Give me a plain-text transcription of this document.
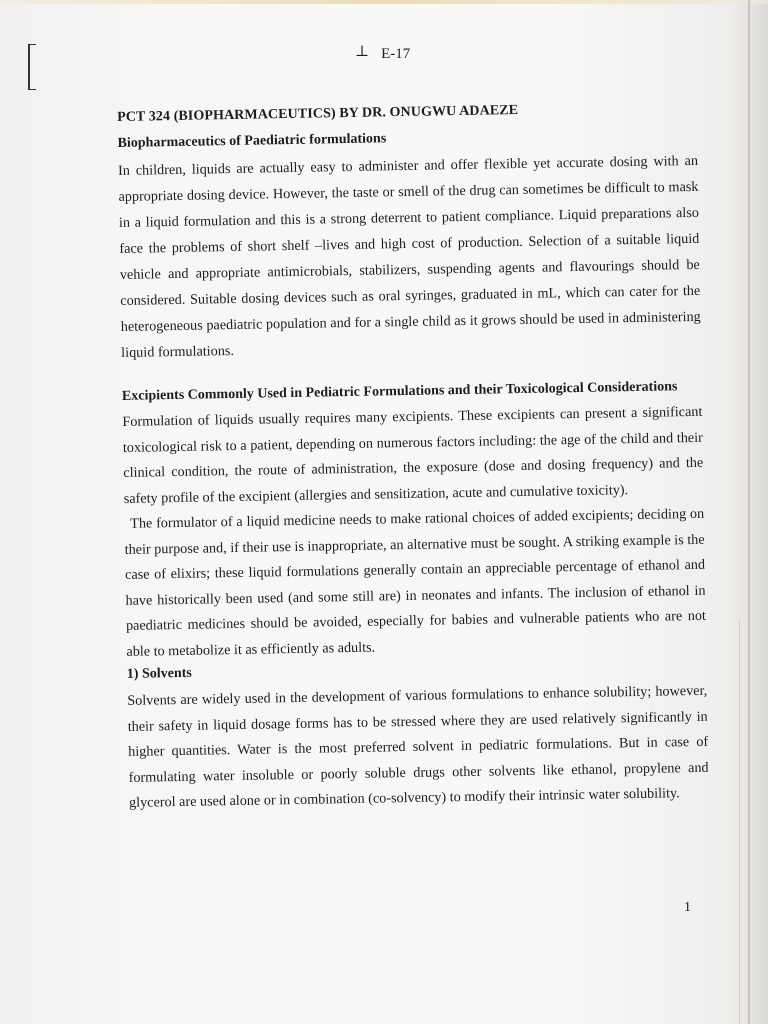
⊥ E-17

PCT 324 (BIOPHARMACEUTICS) BY DR. ONUGWU ADAEZE

Biopharmaceutics of Paediatric formulations

In children, liquids are actually easy to administer and offer flexible yet accurate dosing with an appropriate dosing device. However, the taste or smell of the drug can sometimes be difficult to mask in a liquid formulation and this is a strong deterrent to patient compliance. Liquid preparations also face the problems of short shelf –lives and high cost of production. Selection of a suitable liquid vehicle and appropriate antimicrobials, stabilizers, suspending agents and flavourings should be considered. Suitable dosing devices such as oral syringes, graduated in mL, which can cater for the heterogeneous paediatric population and for a single child as it grows should be used in administering liquid formulations.

Excipients Commonly Used in Pediatric Formulations and their Toxicological Considerations

Formulation of liquids usually requires many excipients. These excipients can present a significant toxicological risk to a patient, depending on numerous factors including: the age of the child and their clinical condition, the route of administration, the exposure (dose and dosing frequency) and the safety profile of the excipient (allergies and sensitization, acute and cumulative toxicity).

The formulator of a liquid medicine needs to make rational choices of added excipients; deciding on their purpose and, if their use is inappropriate, an alternative must be sought. A striking example is the case of elixirs; these liquid formulations generally contain an appreciable percentage of ethanol and have historically been used (and some still are) in neonates and infants. The inclusion of ethanol in paediatric medicines should be avoided, especially for babies and vulnerable patients who are not able to metabolize it as efficiently as adults.

1) Solvents

Solvents are widely used in the development of various formulations to enhance solubility; however, their safety in liquid dosage forms has to be stressed where they are used relatively significantly in higher quantities. Water is the most preferred solvent in pediatric formulations. But in case of formulating water insoluble or poorly soluble drugs other solvents like ethanol, propylene and glycerol are used alone or in combination (co-solvency) to modify their intrinsic water solubility.

1
